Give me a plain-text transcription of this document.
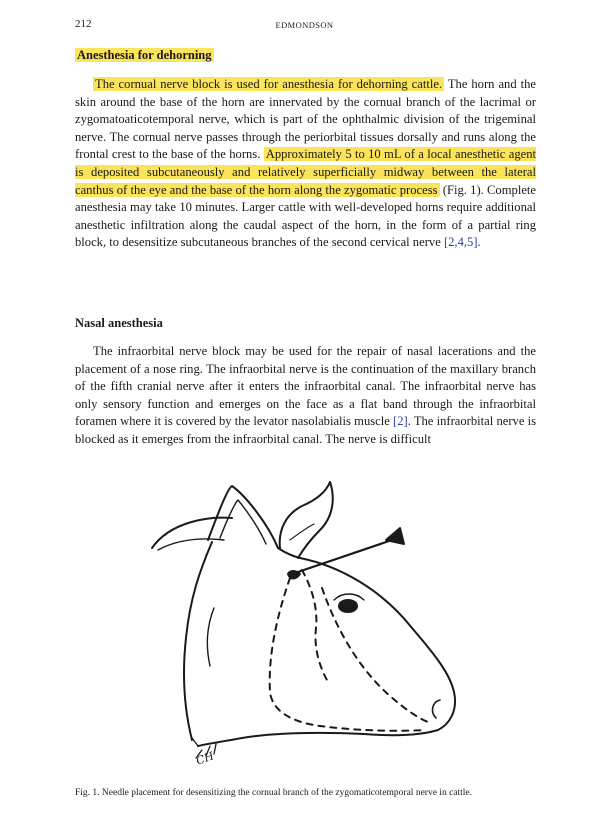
212	EDMONDSON
Anesthesia for dehorning

The cornual nerve block is used for anesthesia for dehorning cattle. The horn and the skin around the base of the horn are innervated by the cornual branch of the lacrimal or zygomatoaticotemporal nerve, which is part of the ophthalmic division of the trigeminal nerve. The cornual nerve passes through the periorbital tissues dorsally and runs along the frontal crest to the base of the horns. Approximately 5 to 10 mL of a local anesthetic agent is deposited subcutaneously and relatively superficially midway between the lateral canthus of the eye and the base of the horn along the zygomatic process (Fig. 1). Complete anesthesia may take 10 minutes. Larger cattle with well-developed horns require additional anesthetic infiltration along the caudal aspect of the horn, in the form of a partial ring block, to desensitize subcutaneous branches of the second cervical nerve [2,4,5].

Nasal anesthesia

The infraorbital nerve block may be used for the repair of nasal lacerations and the placement of a nose ring. The infraorbital nerve is the continuation of the maxillary branch of the fifth cranial nerve after it enters the infraorbital canal. The infraorbital nerve has only sensory function and emerges on the face as a flat band through the infraorbital foramen where it is covered by the levator nasolabialis muscle [2]. The infraorbital nerve is blocked as it emerges from the infraorbital canal. The nerve is difficult

CH

Fig. 1. Needle placement for desensitizing the cornual branch of the zygomaticotemporal nerve in cattle.
